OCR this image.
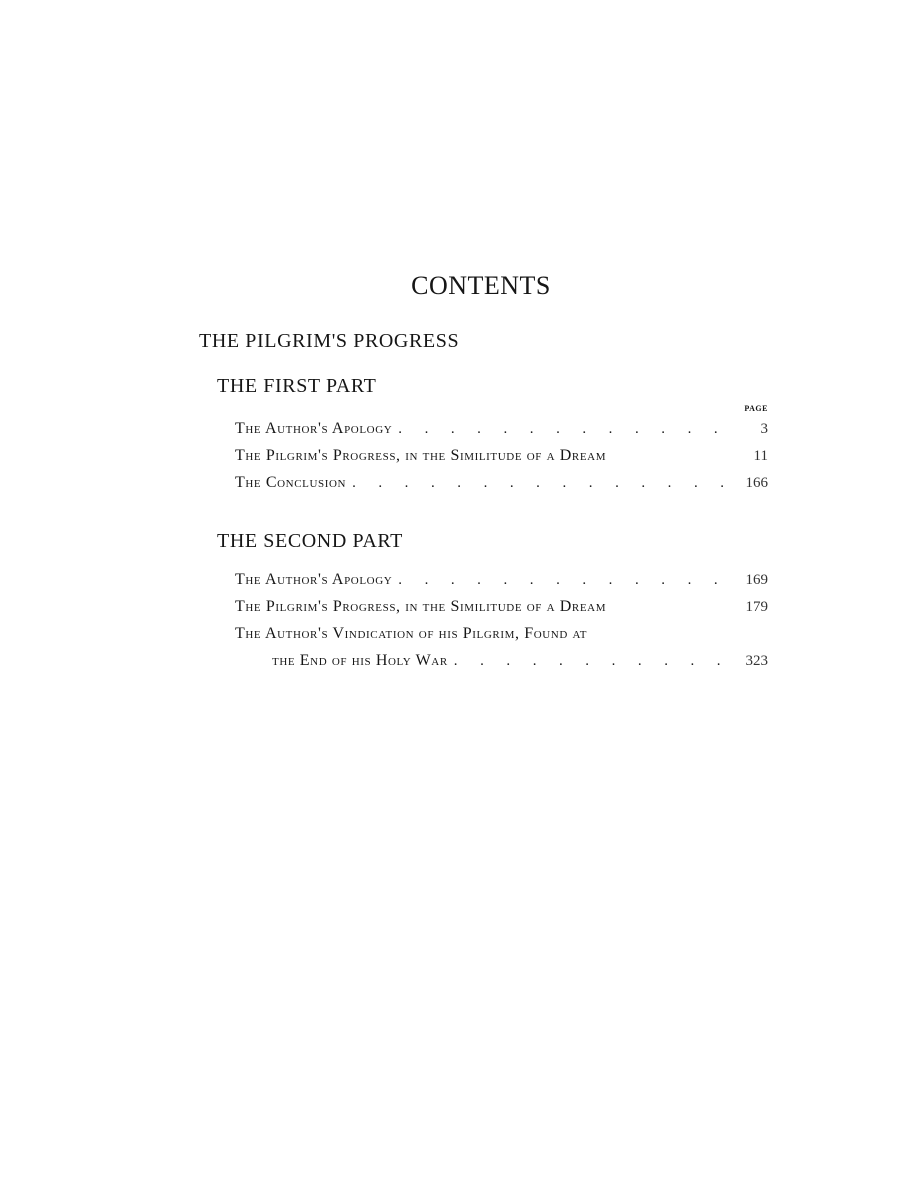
CONTENTS
THE PILGRIM'S PROGRESS
THE FIRST PART
PAGE
The Author's Apology . . .	3
The Pilgrim's Progress, in the Similitude of a Dream	11
The Conclusion . . .	166
THE SECOND PART
The Author's Apology . . .	169
The Pilgrim's Progress, in the Similitude of a Dream	179
The Author's Vindication of his Pilgrim, Found at
the End of his Holy War . . .	323
